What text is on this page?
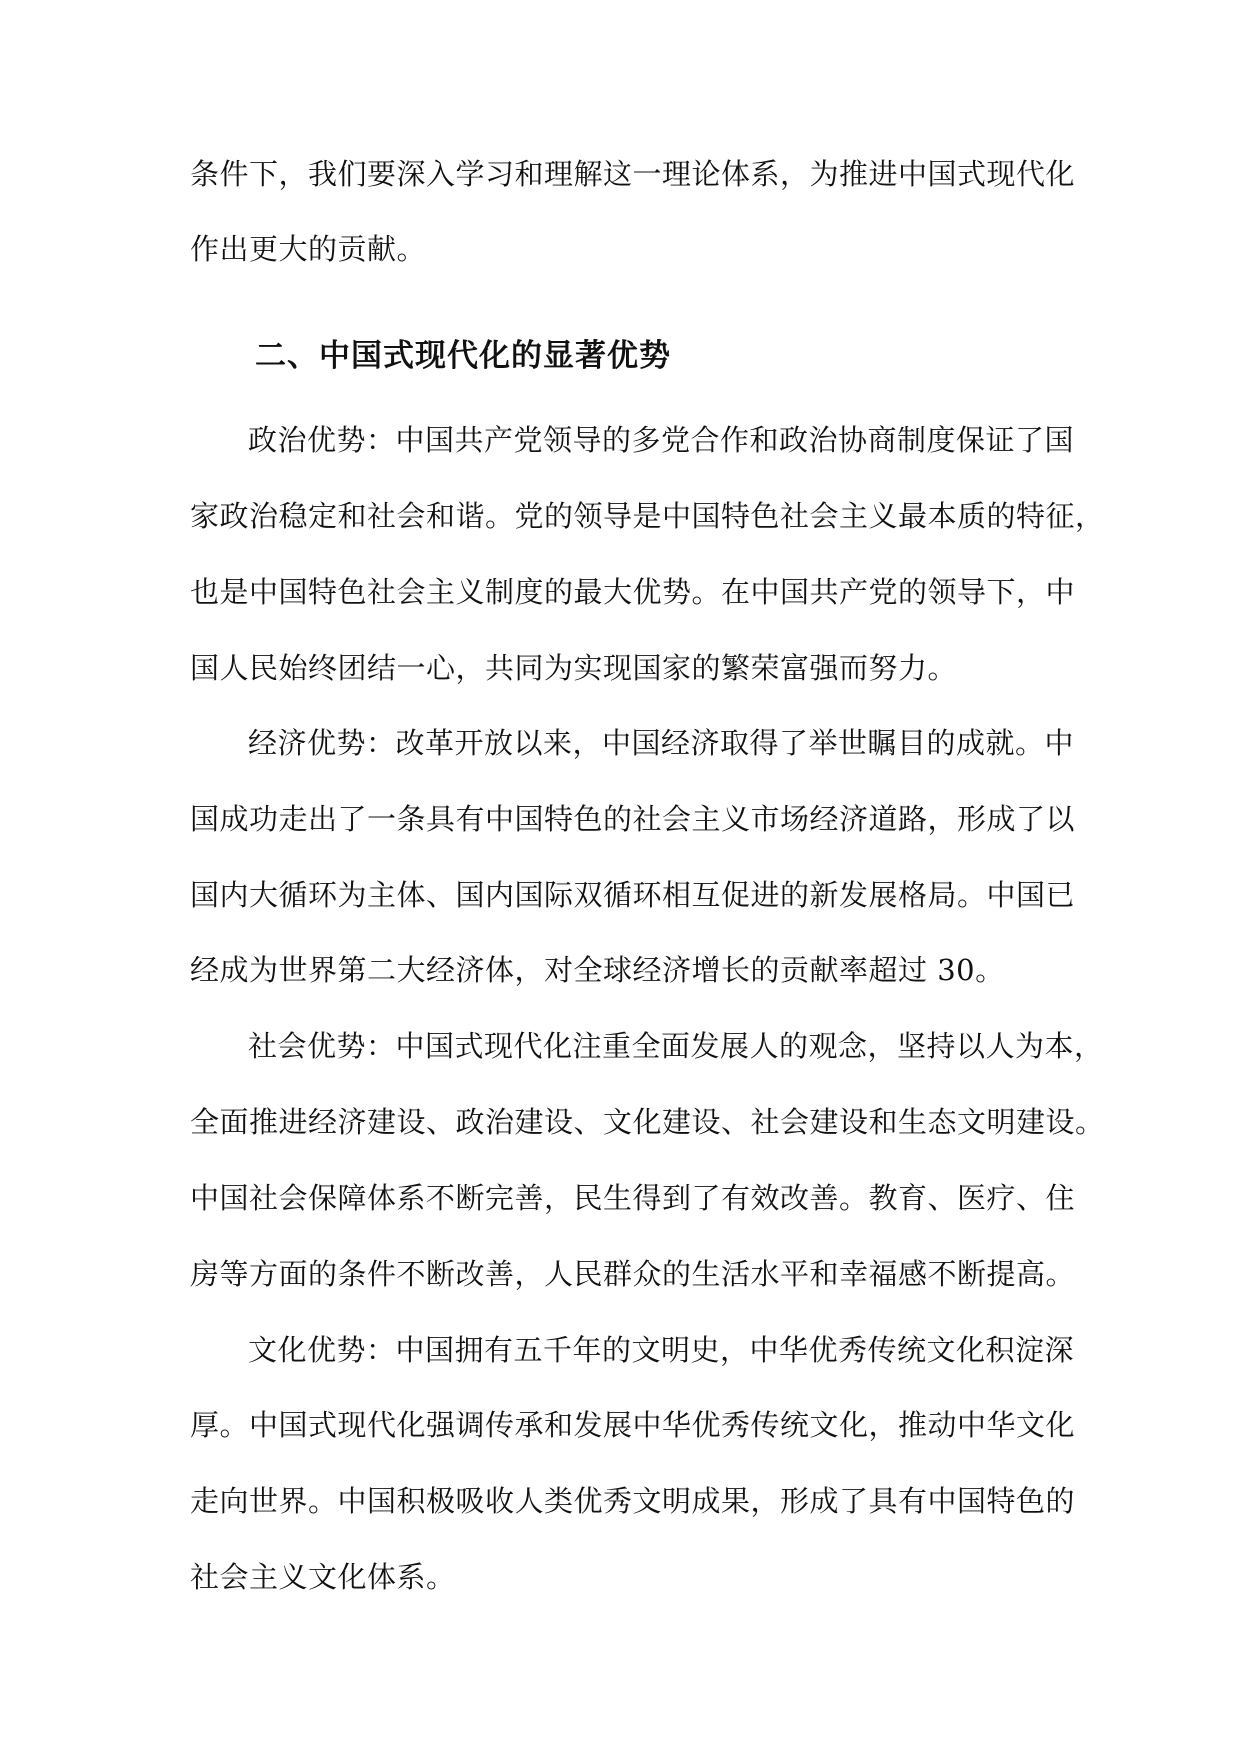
条件下，我们要深入学习和理解这一理论体系，为推进中国式现代化
作出更大的贡献。
二、中国式现代化的显著优势
政治优势：中国共产党领导的多党合作和政治协商制度保证了国
家政治稳定和社会和谐。党的领导是中国特色社会主义最本质的特征，
也是中国特色社会主义制度的最大优势。在中国共产党的领导下，中
国人民始终团结一心，共同为实现国家的繁荣富强而努力。
经济优势：改革开放以来，中国经济取得了举世瞩目的成就。中
国成功走出了一条具有中国特色的社会主义市场经济道路，形成了以
国内大循环为主体、国内国际双循环相互促进的新发展格局。中国已
经成为世界第二大经济体，对全球经济增长的贡献率超过 30。
社会优势：中国式现代化注重全面发展人的观念，坚持以人为本，
全面推进经济建设、政治建设、文化建设、社会建设和生态文明建设。
中国社会保障体系不断完善，民生得到了有效改善。教育、医疗、住
房等方面的条件不断改善，人民群众的生活水平和幸福感不断提高。
文化优势：中国拥有五千年的文明史，中华优秀传统文化积淀深
厚。中国式现代化强调传承和发展中华优秀传统文化，推动中华文化
走向世界。中国积极吸收人类优秀文明成果，形成了具有中国特色的
社会主义文化体系。
